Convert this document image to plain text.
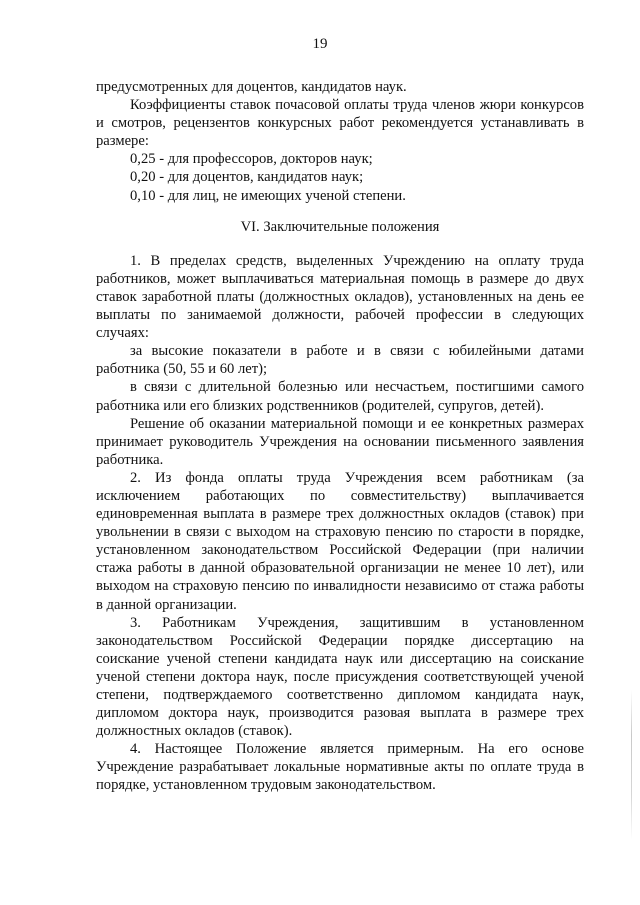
19

предусмотренных для доцентов, кандидатов наук.

Коэффициенты ставок почасовой оплаты труда членов жюри конкурсов и смотров, рецензентов конкурсных работ рекомендуется устанавливать в размере:

0,25 - для профессоров, докторов наук;

0,20 - для доцентов, кандидатов наук;

0,10 - для лиц, не имеющих ученой степени.

VI. Заключительные положения

1. В пределах средств, выделенных Учреждению на оплату труда работников, может выплачиваться материальная помощь в размере до двух ставок заработной платы (должностных окладов), установленных на день ее выплаты по занимаемой должности, рабочей профессии в следующих случаях:

за высокие показатели в работе и в связи с юбилейными датами работника (50, 55 и 60 лет);

в связи с длительной болезнью или несчастьем, постигшими самого работника или его близких родственников (родителей, супругов, детей).

Решение об оказании материальной помощи и ее конкретных размерах принимает руководитель Учреждения на основании письменного заявления работника.

2. Из фонда оплаты труда Учреждения всем работникам (за исключением работающих по совместительству) выплачивается единовременная выплата в размере трех должностных окладов (ставок) при увольнении в связи с выходом на страховую пенсию по старости в порядке, установленном законодательством Российской Федерации (при наличии стажа работы в данной образовательной организации не менее 10 лет), или выходом на страховую пенсию по инвалидности независимо от стажа работы в данной организации.

3. Работникам Учреждения, защитившим в установленном законодательством Российской Федерации порядке диссертацию на соискание ученой степени кандидата наук или диссертацию на соискание ученой степени доктора наук, после присуждения соответствующей ученой степени, подтверждаемого соответственно дипломом кандидата наук, дипломом доктора наук, производится разовая выплата в размере трех должностных окладов (ставок).

4. Настоящее Положение является примерным. На его основе Учреждение разрабатывает локальные нормативные акты по оплате труда в порядке, установленном трудовым законодательством.
